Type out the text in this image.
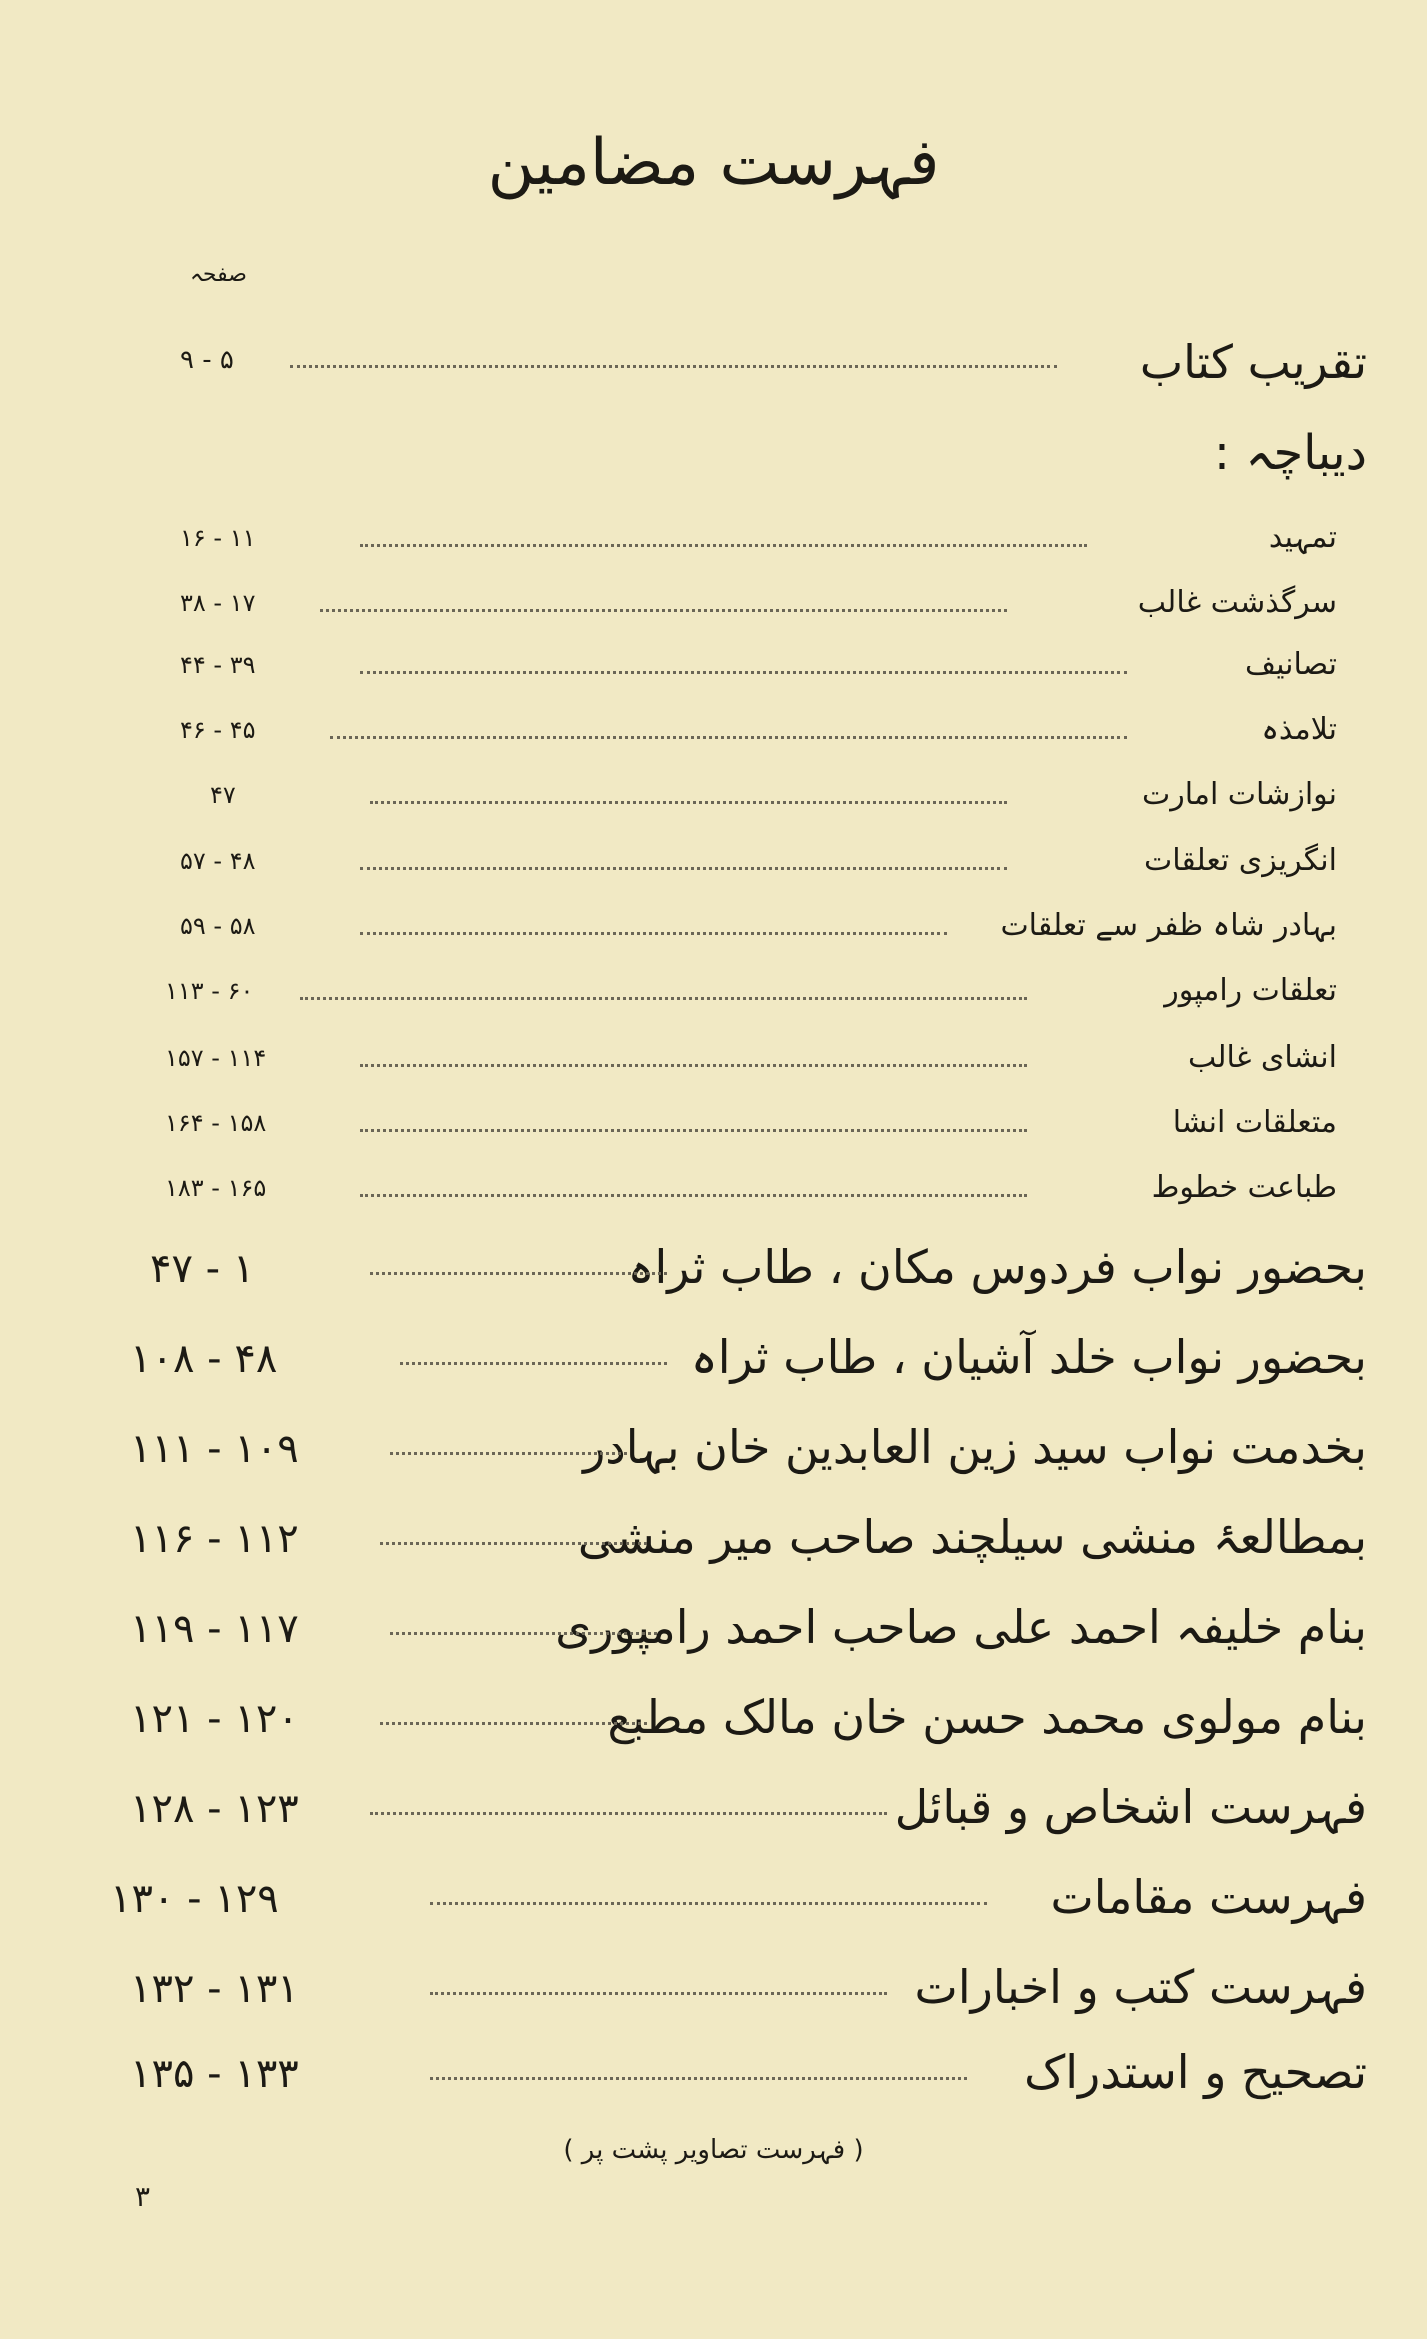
فہرست مضامین
صفحہ
تقریب کتاب
۵ - ۹
دیباچہ :
تمہید
۱۱ - ۱۶
سرگذشت غالب
۱۷ - ۳۸
تصانیف
۳۹ - ۴۴
تلامذہ
۴۵ - ۴۶
نوازشات امارت
۴۷
انگریزی تعلقات
۴۸ - ۵۷
بہادر شاہ ظفر سے تعلقات
۵۸ - ۵۹
تعلقات رامپور
۶۰ - ۱۱۳
انشای غالب
۱۱۴ - ۱۵۷
متعلقات انشا
۱۵۸ - ۱۶۴
طباعت خطوط
۱۶۵ - ۱۸۳
بحضور نواب فردوس مکان ، طاب ثراہ
۱ - ۴۷
بحضور نواب خلد آشیان ، طاب ثراہ
۴۸ - ۱۰۸
بخدمت نواب سید زین العابدین خان بہادر
۱۰۹ - ۱۱۱
بمطالعۂ منشی سیلچند صاحب میر منشی
۱۱۲ - ۱۱۶
بنام خلیفہ احمد علی صاحب احمد رامپوری
۱۱۷ - ۱۱۹
بنام مولوی محمد حسن خان مالک مطبع
۱۲۰ - ۱۲۱
فہرست اشخاص و قبائل
۱۲۳ - ۱۲۸
فہرست مقامات
۱۲۹ - ۱۳۰
فہرست کتب و اخبارات
۱۳۱ - ۱۳۲
تصحیح و استدراک
۱۳۳ - ۱۳۵
( فہرست تصاویر پشت پر )
۳
